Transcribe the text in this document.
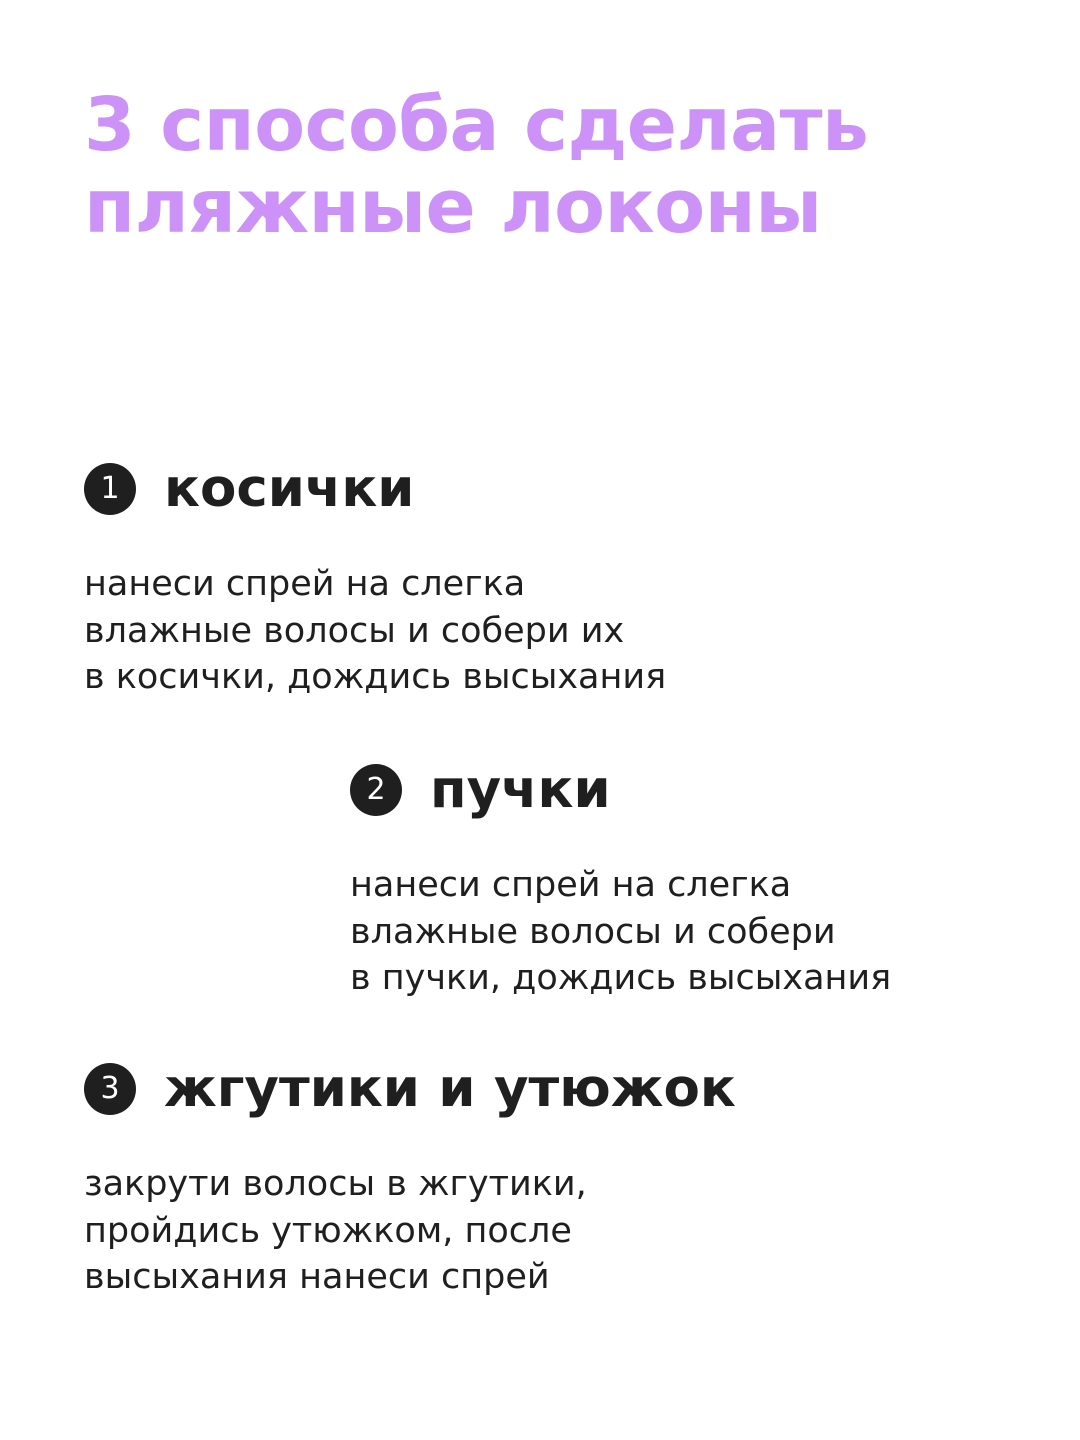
3 способа сделать
пляжные локоны
1 косички
нанеси спрей на слегка
влажные волосы и собери их
в косички, дождись высыхания
2 пучки
нанеси спрей на слегка
влажные волосы и собери
в пучки, дождись высыхания
3 жгутики и утюжок
закрути волосы в жгутики,
пройдись утюжком, после
высыхания нанеси спрей
